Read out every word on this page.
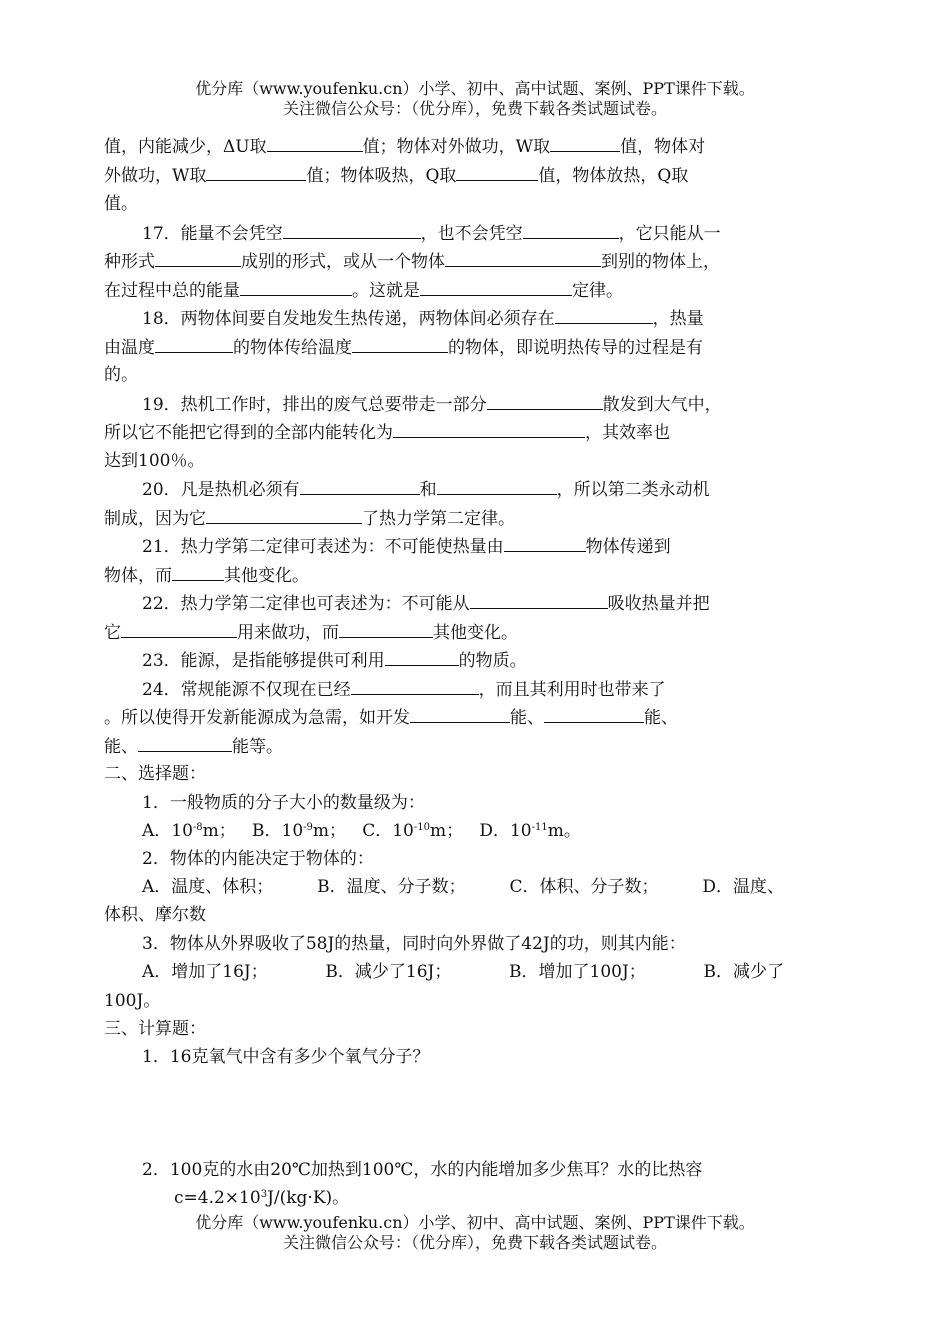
优分库（www.youfenku.cn）小学、初中、高中试题、案例、PPT课件下载。
关注微信公众号：（优分库），免费下载各类试题试卷。
值，内能减少，ΔU取	值；物体对外做功，W取	值，物体对
外做功，W取	值；物体吸热，Q取	值，物体放热，Q取
值。
17．能量不会凭空	，也不会凭空	，它只能从一
种形式	成别的形式，或从一个物体	到别的物体上，
在过程中总的能量	。这就是	定律。
18．两物体间要自发地发生热传递，两物体间必须存在	，热量
由温度	的物体传给温度	的物体，即说明热传导的过程是有
的。
19．热机工作时，排出的废气总要带走一部分	散发到大气中，
所以它不能把它得到的全部内能转化为	，其效率也
达到100％。
20．凡是热机必须有	和	，所以第二类永动机
制成，因为它	了热力学第二定律。
21．热力学第二定律可表述为：不可能使热量由	物体传递到
物体，而	其他变化。
22．热力学第二定律也可表述为：不可能从	吸收热量并把
它	用来做功，而	其他变化。
23．能源，是指能够提供可利用	的物质。
24．常规能源不仅现在已经	，而且其利用时也带来了
。所以使得开发新能源成为急需，如开发	能、	能、
能、	能等。
二、选择题：
1．一般物质的分子大小的数量级为：
A．$10^{-8}m$； B．$10^{-9}m$； C．$10^{-10}m$； D．$10^{-11}m$。
2．物体的内能决定于物体的：
A．温度、体积；	B．温度、分子数；	C．体积、分子数；	D．温度、
体积、摩尔数
3．物体从外界吸收了58J的热量，同时向外界做了42J的功，则其内能：
A．增加了16J；	B．减少了16J；	B．增加了100J；	B．减少了
100J。
三、计算题：
1．16克氧气中含有多少个氧气分子？
2．100克的水由20℃加热到100℃，水的内能增加多少焦耳？水的比热容
$c=4.2\times 10^3J/(kg\cdot K)$。
优分库（www.youfenku.cn）小学、初中、高中试题、案例、PPT课件下载。
关注微信公众号：（优分库），免费下载各类试题试卷。
